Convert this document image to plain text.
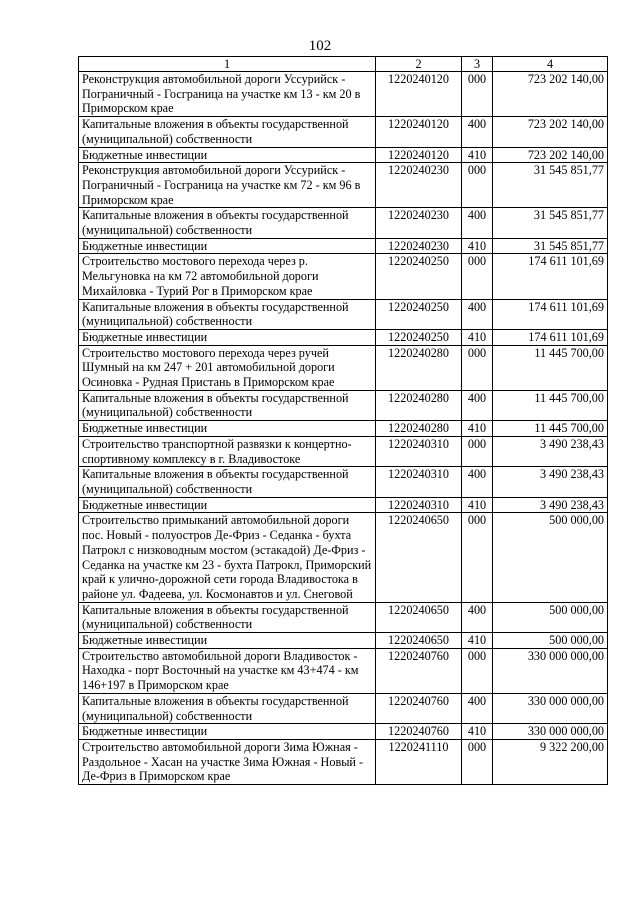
102
1	2	3	4
Реконструкция автомобильной дороги Уссурийск - Пограничный - Госграница на участке км 13 - км 20 в Приморском крае	1220240120	000	723 202 140,00
Капитальные вложения в объекты государственной (муниципальной) собственности	1220240120	400	723 202 140,00
Бюджетные инвестиции	1220240120	410	723 202 140,00
Реконструкция автомобильной дороги Уссурийск - Пограничный - Госграница на участке км 72 - км 96 в Приморском крае	1220240230	000	31 545 851,77
Капитальные вложения в объекты государственной (муниципальной) собственности	1220240230	400	31 545 851,77
Бюджетные инвестиции	1220240230	410	31 545 851,77
Строительство мостового перехода через р. Мельгуновка на км 72 автомобильной дороги Михайловка - Турий Рог в Приморском крае	1220240250	000	174 611 101,69
Капитальные вложения в объекты государственной (муниципальной) собственности	1220240250	400	174 611 101,69
Бюджетные инвестиции	1220240250	410	174 611 101,69
Строительство мостового перехода через ручей Шумный на км 247 + 201 автомобильной дороги Осиновка - Рудная Пристань в Приморском крае	1220240280	000	11 445 700,00
Капитальные вложения в объекты государственной (муниципальной) собственности	1220240280	400	11 445 700,00
Бюджетные инвестиции	1220240280	410	11 445 700,00
Строительство транспортной развязки к концертно-спортивному комплексу в г. Владивостоке	1220240310	000	3 490 238,43
Капитальные вложения в объекты государственной (муниципальной) собственности	1220240310	400	3 490 238,43
Бюджетные инвестиции	1220240310	410	3 490 238,43
Строительство примыканий автомобильной дороги пос. Новый - полуостров Де-Фриз - Седанка - бухта Патрокл с низководным мостом (эстакадой) Де-Фриз - Седанка на участке км 23 - бухта Патрокл, Приморский край к улично-дорожной сети города Владивостока в районе ул. Фадеева, ул. Космонавтов и ул. Снеговой	1220240650	000	500 000,00
Капитальные вложения в объекты государственной (муниципальной) собственности	1220240650	400	500 000,00
Бюджетные инвестиции	1220240650	410	500 000,00
Строительство автомобильной дороги Владивосток - Находка - порт Восточный на участке км 43+474 - км 146+197 в Приморском крае	1220240760	000	330 000 000,00
Капитальные вложения в объекты государственной (муниципальной) собственности	1220240760	400	330 000 000,00
Бюджетные инвестиции	1220240760	410	330 000 000,00
Строительство автомобильной дороги Зима Южная - Раздольное - Хасан на участке Зима Южная - Новый - Де-Фриз в Приморском крае	1220241110	000	9 322 200,00
